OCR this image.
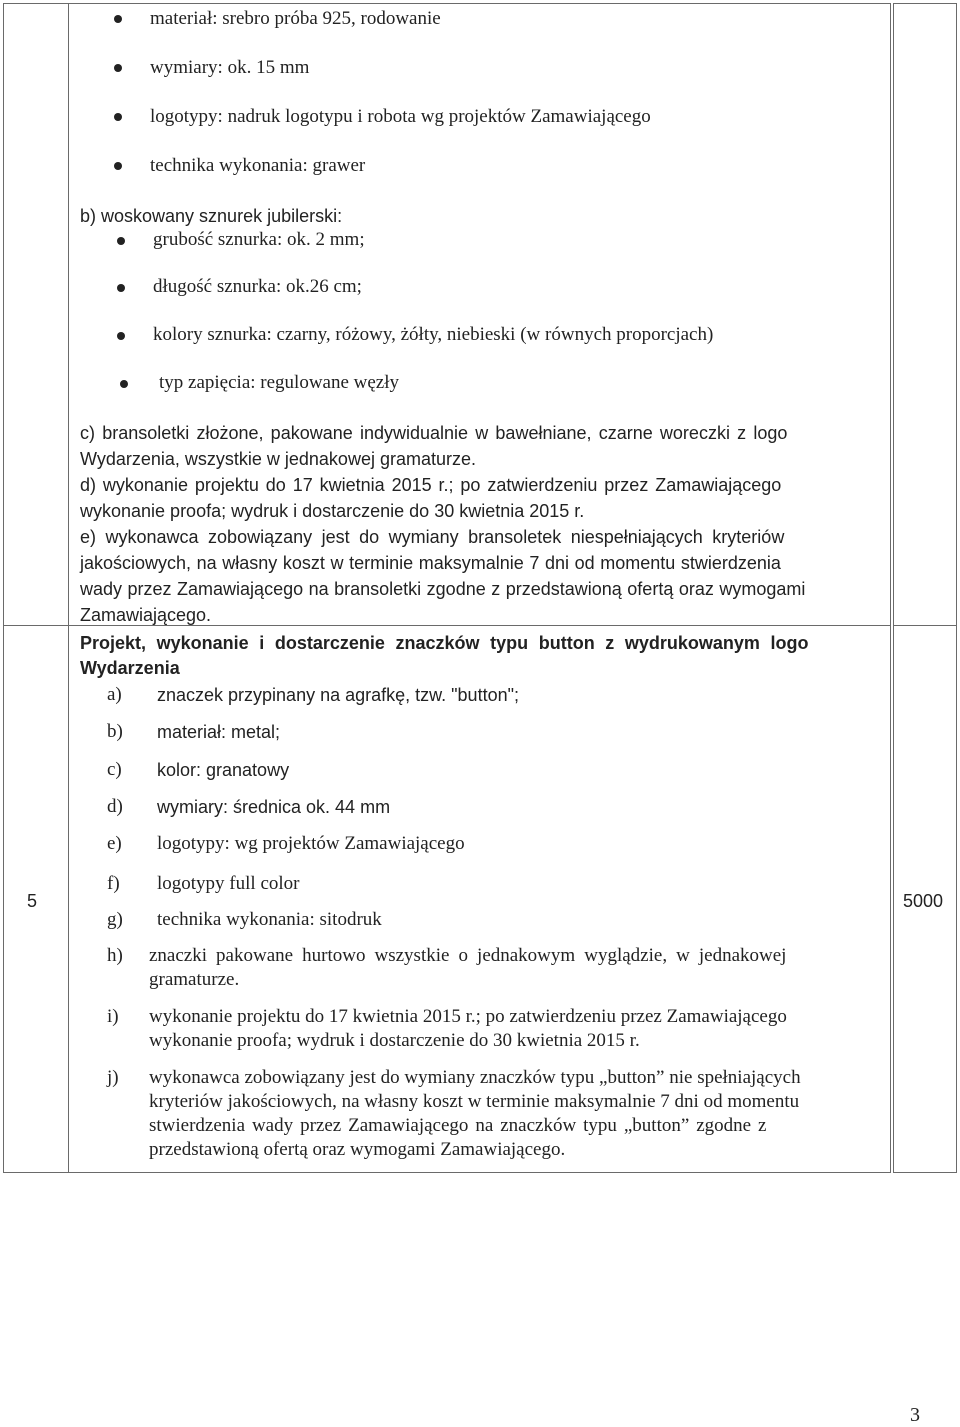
materiał: srebro próba 925, rodowanie
wymiary: ok. 15 mm
logotypy: nadruk logotypu i robota wg projektów Zamawiającego
technika wykonania: grawer
b) woskowany sznurek jubilerski:
grubość sznurka: ok. 2 mm;
długość sznurka: ok.26 cm;
kolory sznurka: czarny, różowy, żółty, niebieski (w równych proporcjach)
typ zapięcia: regulowane węzły
c) bransoletki złożone, pakowane indywidualnie w bawełniane, czarne woreczki z logo
Wydarzenia, wszystkie w jednakowej gramaturze.
d) wykonanie projektu do 17 kwietnia 2015 r.; po zatwierdzeniu przez Zamawiającego
wykonanie proofa; wydruk i dostarczenie do 30 kwietnia 2015 r.
e) wykonawca zobowiązany jest do wymiany bransoletek niespełniających kryteriów
jakościowych, na własny koszt w terminie maksymalnie 7 dni od momentu stwierdzenia
wady przez Zamawiającego na bransoletki zgodne z przedstawioną ofertą oraz wymogami
Zamawiającego.
5	5000
Projekt, wykonanie i dostarczenie znaczków typu button z wydrukowanym logo
Wydarzenia
a) znaczek przypinany na agrafkę, tzw. "button";
b) materiał: metal;
c) kolor: granatowy
d) wymiary: średnica ok. 44 mm
e) logotypy: wg projektów Zamawiającego
f) logotypy full color
g) technika wykonania: sitodruk
h) znaczki pakowane hurtowo wszystkie o jednakowym wyglądzie, w jednakowej
gramaturze.
i) wykonanie projektu do 17 kwietnia 2015 r.; po zatwierdzeniu przez Zamawiającego
wykonanie proofa; wydruk i dostarczenie do 30 kwietnia 2015 r.
j) wykonawca zobowiązany jest do wymiany znaczków typu „button” nie spełniających
kryteriów jakościowych, na własny koszt w terminie maksymalnie 7 dni od momentu
stwierdzenia wady przez Zamawiającego na znaczków typu „button” zgodne z
przedstawioną ofertą oraz wymogami Zamawiającego.
3
